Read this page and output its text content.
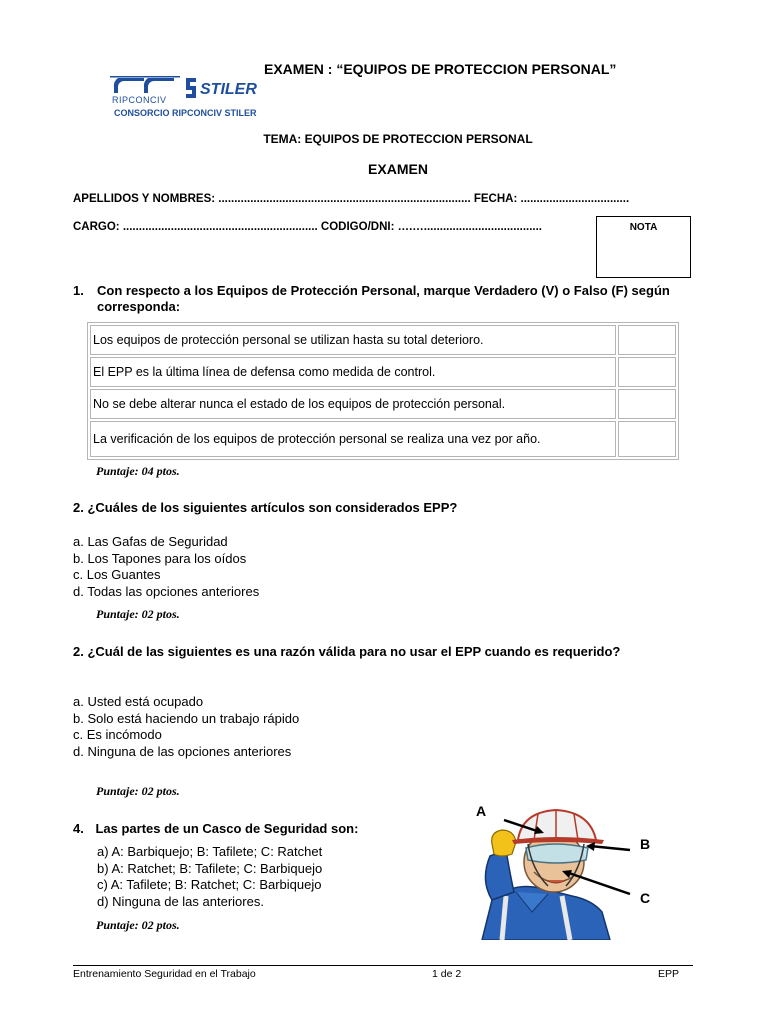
RIPCONCIV
STILER
CONSORCIO RIPCONCIV STILER
EXAMEN : “EQUIPOS DE PROTECCION PERSONAL”
TEMA: EQUIPOS DE PROTECCION PERSONAL
EXAMEN
APELLIDOS Y NOMBRES: ............................................................................... FECHA: ..................................
CARGO: ............................................................. CODIGO/DNI: ….….....................................	NOTA
1. Con respecto a los Equipos de Protección Personal, marque Verdadero (V) o Falso (F) según corresponda:
Los equipos de protección personal se utilizan hasta su total deterioro.	
El EPP es la última línea de defensa como medida de control.	
No se debe alterar nunca el estado de los equipos de protección personal.	
La verificación de los equipos de protección personal se realiza una vez por año.	
Puntaje: 04 ptos.
2. ¿Cuáles de los siguientes artículos son considerados EPP?
a. Las Gafas de Seguridad
b. Los Tapones para los oídos
c. Los Guantes
d. Todas las opciones anteriores
Puntaje: 02 ptos.
2. ¿Cuál de las siguientes es una razón válida para no usar el EPP cuando es requerido?
a. Usted está ocupado
b. Solo está haciendo un trabajo rápido
c. Es incómodo
d. Ninguna de las opciones anteriores
Puntaje: 02 ptos.
4. Las partes de un Casco de Seguridad son:
a) A: Barbiquejo; B: Tafilete; C: Ratchet
b) A: Ratchet; B: Tafilete; C: Barbiquejo
c) A: Tafilete; B: Ratchet; C: Barbiquejo
d) Ninguna de las anteriores.
Puntaje: 02 ptos.
A
B
C
Entrenamiento Seguridad en el Trabajo	1 de 2	EPP
